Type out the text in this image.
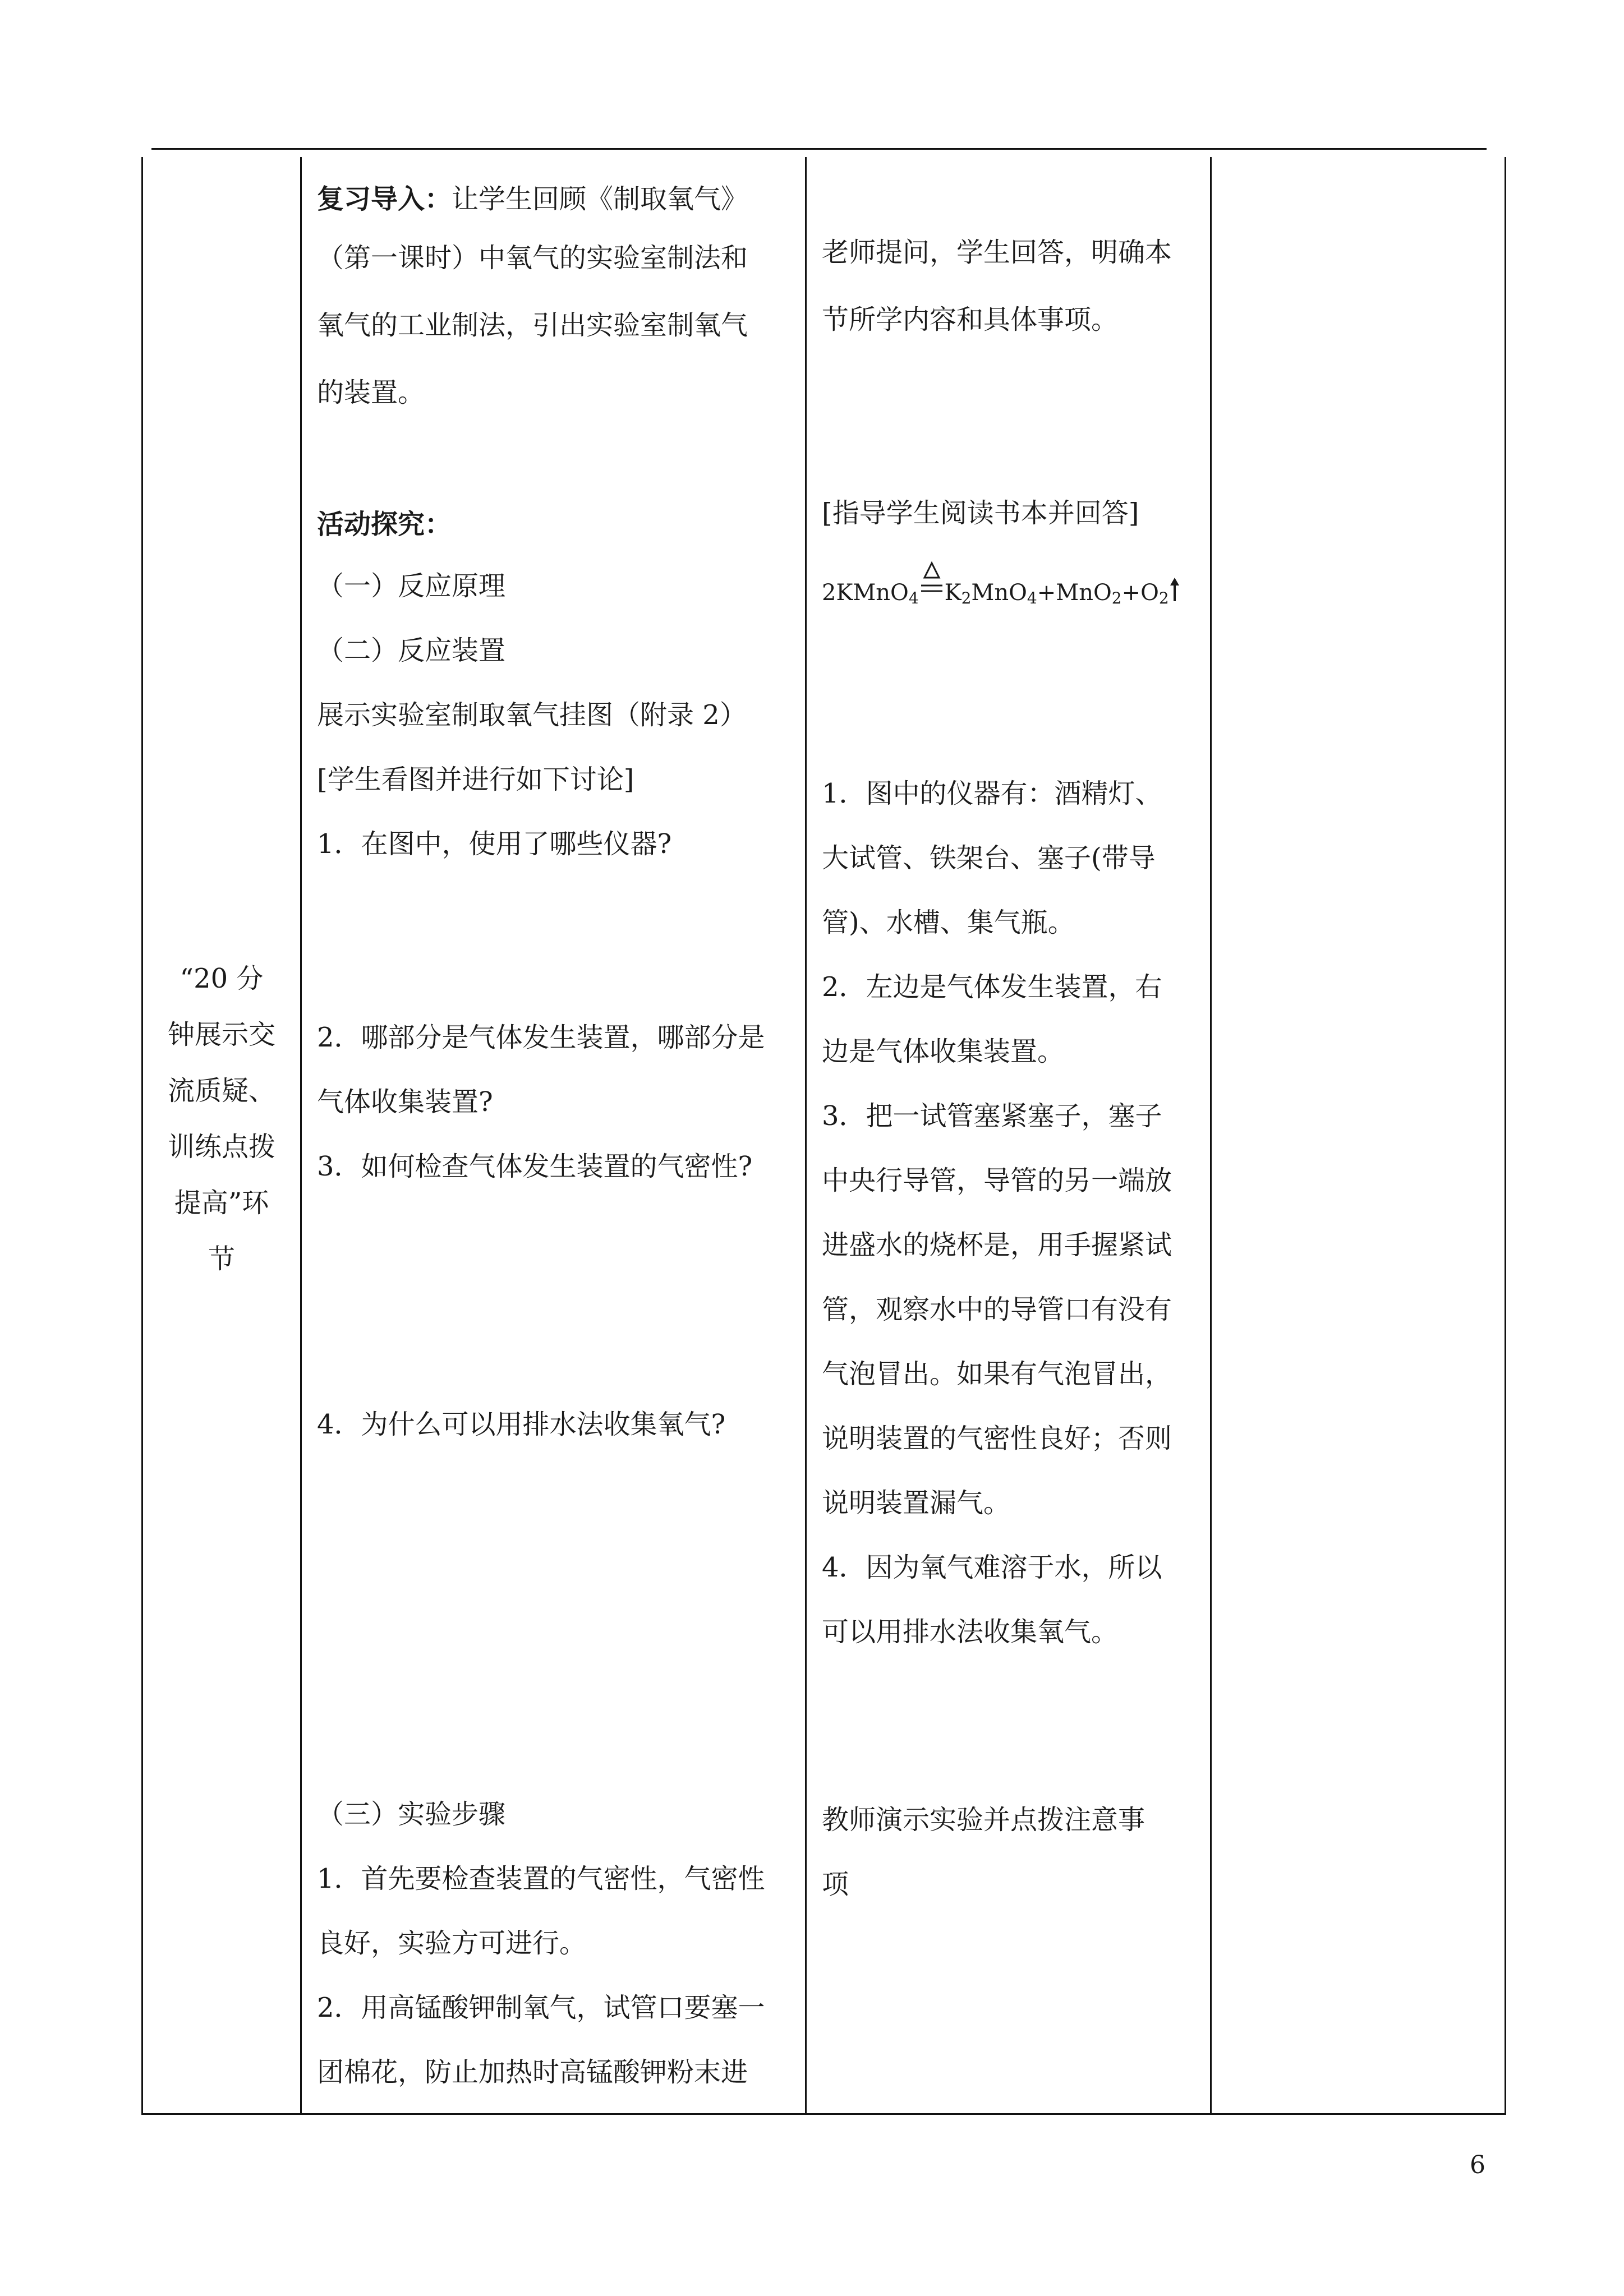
“20 分
钟展示交
流质疑、
训练点拨
提高”环
节
复习导入：让学生回顾《制取氧气》
（第一课时）中氧气的实验室制法和
氧气的工业制法，引出实验室制氧气
的装置。
活动探究：
（一）反应原理
（二）反应装置
展示实验室制取氧气挂图（附录 2）
[学生看图并进行如下讨论]
1．在图中，使用了哪些仪器?
2．哪部分是气体发生装置，哪部分是
气体收集装置?
3．如何检查气体发生装置的气密性?
4．为什么可以用排水法收集氧气?
（三）实验步骤
1．首先要检查装置的气密性，气密性
良好，实验方可进行。
2．用高锰酸钾制氧气，试管口要塞一
团棉花，防止加热时高锰酸钾粉末进
老师提问，学生回答，明确本
节所学内容和具体事项。
[指导学生阅读书本并回答]
2KMnO$_4$ $K_2MnO_4+MnO_2+O_2$
1．图中的仪器有：酒精灯、
大试管、铁架台、塞子(带导
管)、水槽、集气瓶。
2．左边是气体发生装置，右
边是气体收集装置。
3．把一试管塞紧塞子，塞子
中央行导管，导管的另一端放
进盛水的烧杯是，用手握紧试
管，观察水中的导管口有没有
气泡冒出。如果有气泡冒出，
说明装置的气密性良好；否则
说明装置漏气。
4．因为氧气难溶于水，所以
可以用排水法收集氧气。
教师演示实验并点拨注意事
项
6
